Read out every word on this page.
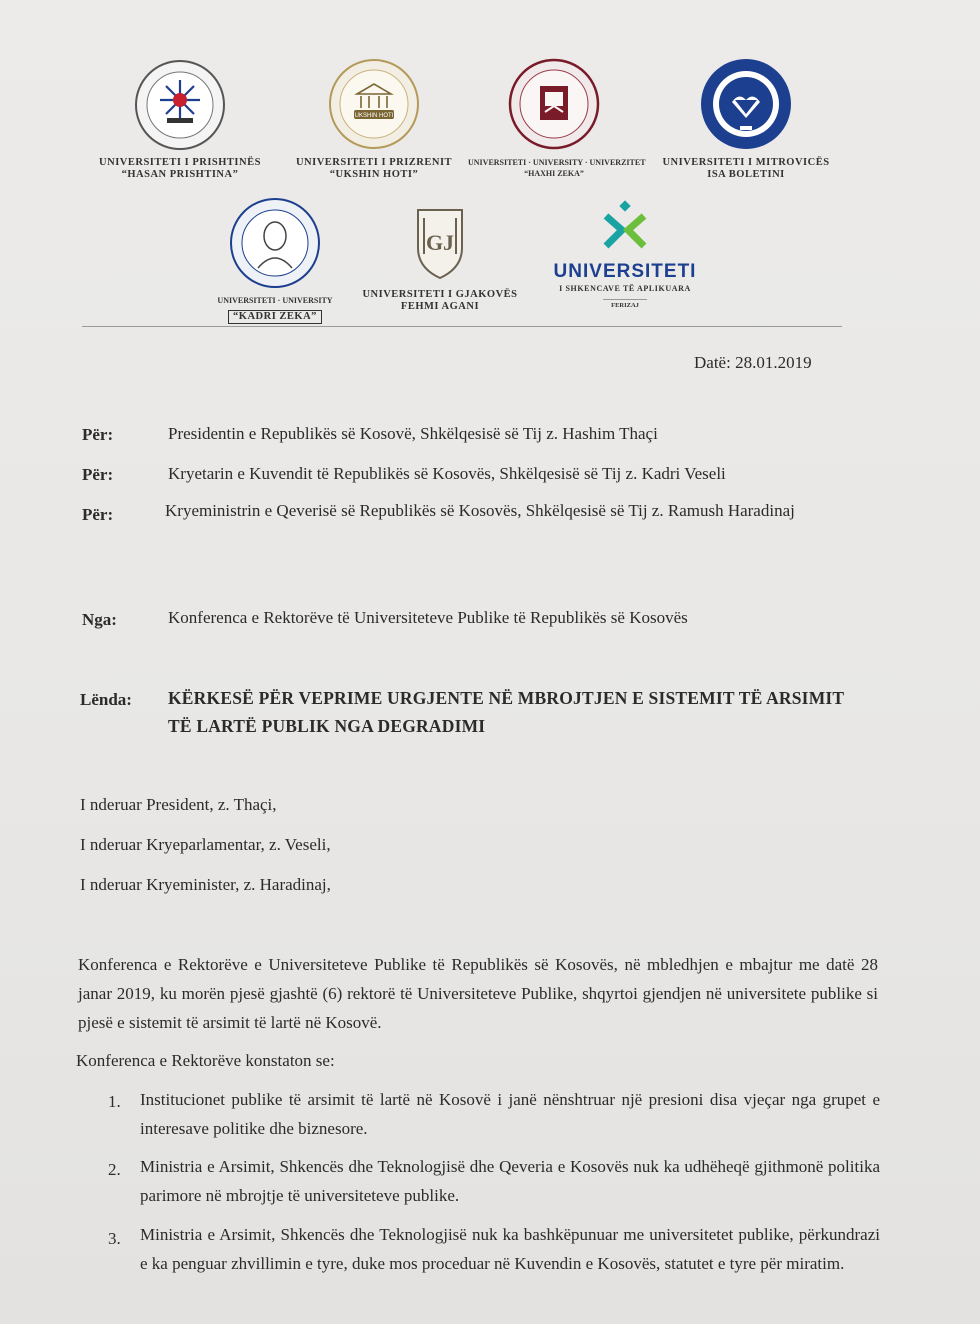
UNIVERSITETI I PRISHTINËS
“HASAN PRISHTINA”
UKSHIN HOTI
UNIVERSITETI I PRIZRENIT
“UKSHIN HOTI”
UNIVERSITETI · UNIVERSITY · UNIVERZITET
“HAXHI ZEKA”
UNIVERSITETI I MITROVICËS
ISA BOLETINI
UNIVERSITETI · UNIVERSITY
“KADRI ZEKA”
GJ
UNIVERSITETI I GJAKOVËS
FEHMI AGANI
UNIVERSITETI
I SHKENCAVE TË APLIKUARA
FERIZAJ
Datë: 28.01.2019
Për:	Presidentin e Republikës së Kosovë, Shkëlqesisë së Tij z. Hashim Thaçi
Për:	Kryetarin e Kuvendit të Republikës së Kosovës, Shkëlqesisë së Tij z. Kadri Veseli
Për:	Kryeministrin e Qeverisë së Republikës së Kosovës, Shkëlqesisë së Tij z. Ramush Haradinaj
Nga:	Konferenca e Rektorëve të Universiteteve Publike të Republikës së Kosovës
Lënda: KËRKESË PËR VEPRIME URGJENTE NË MBROJTJEN E SISTEMIT TË ARSIMIT TË LARTË PUBLIK NGA DEGRADIMI
I nderuar President, z. Thaçi,
I nderuar Kryeparlamentar, z. Veseli,
I nderuar Kryeminister, z. Haradinaj,
Konferenca e Rektorëve e Universiteteve Publike të Republikës së Kosovës, në mbledhjen e mbajtur me datë 28 janar 2019, ku morën pjesë gjashtë (6) rektorë të Universiteteve Publike, shqyrtoi gjendjen në universitete publike si pjesë e sistemit të arsimit të lartë në Kosovë.
Konferenca e Rektorëve konstaton se:
1. Institucionet publike të arsimit të lartë në Kosovë i janë nënshtruar një presioni disa vjeçar nga grupet e interesave politike dhe biznesore.
2. Ministria e Arsimit, Shkencës dhe Teknologjisë dhe Qeveria e Kosovës nuk ka udhëheqë gjithmonë politika parimore në mbrojtje të universiteteve publike.
3. Ministria e Arsimit, Shkencës dhe Teknologjisë nuk ka bashkëpunuar me universitetet publike, përkundrazi e ka penguar zhvillimin e tyre, duke mos proceduar në Kuvendin e Kosovës, statutet e tyre për miratim.
